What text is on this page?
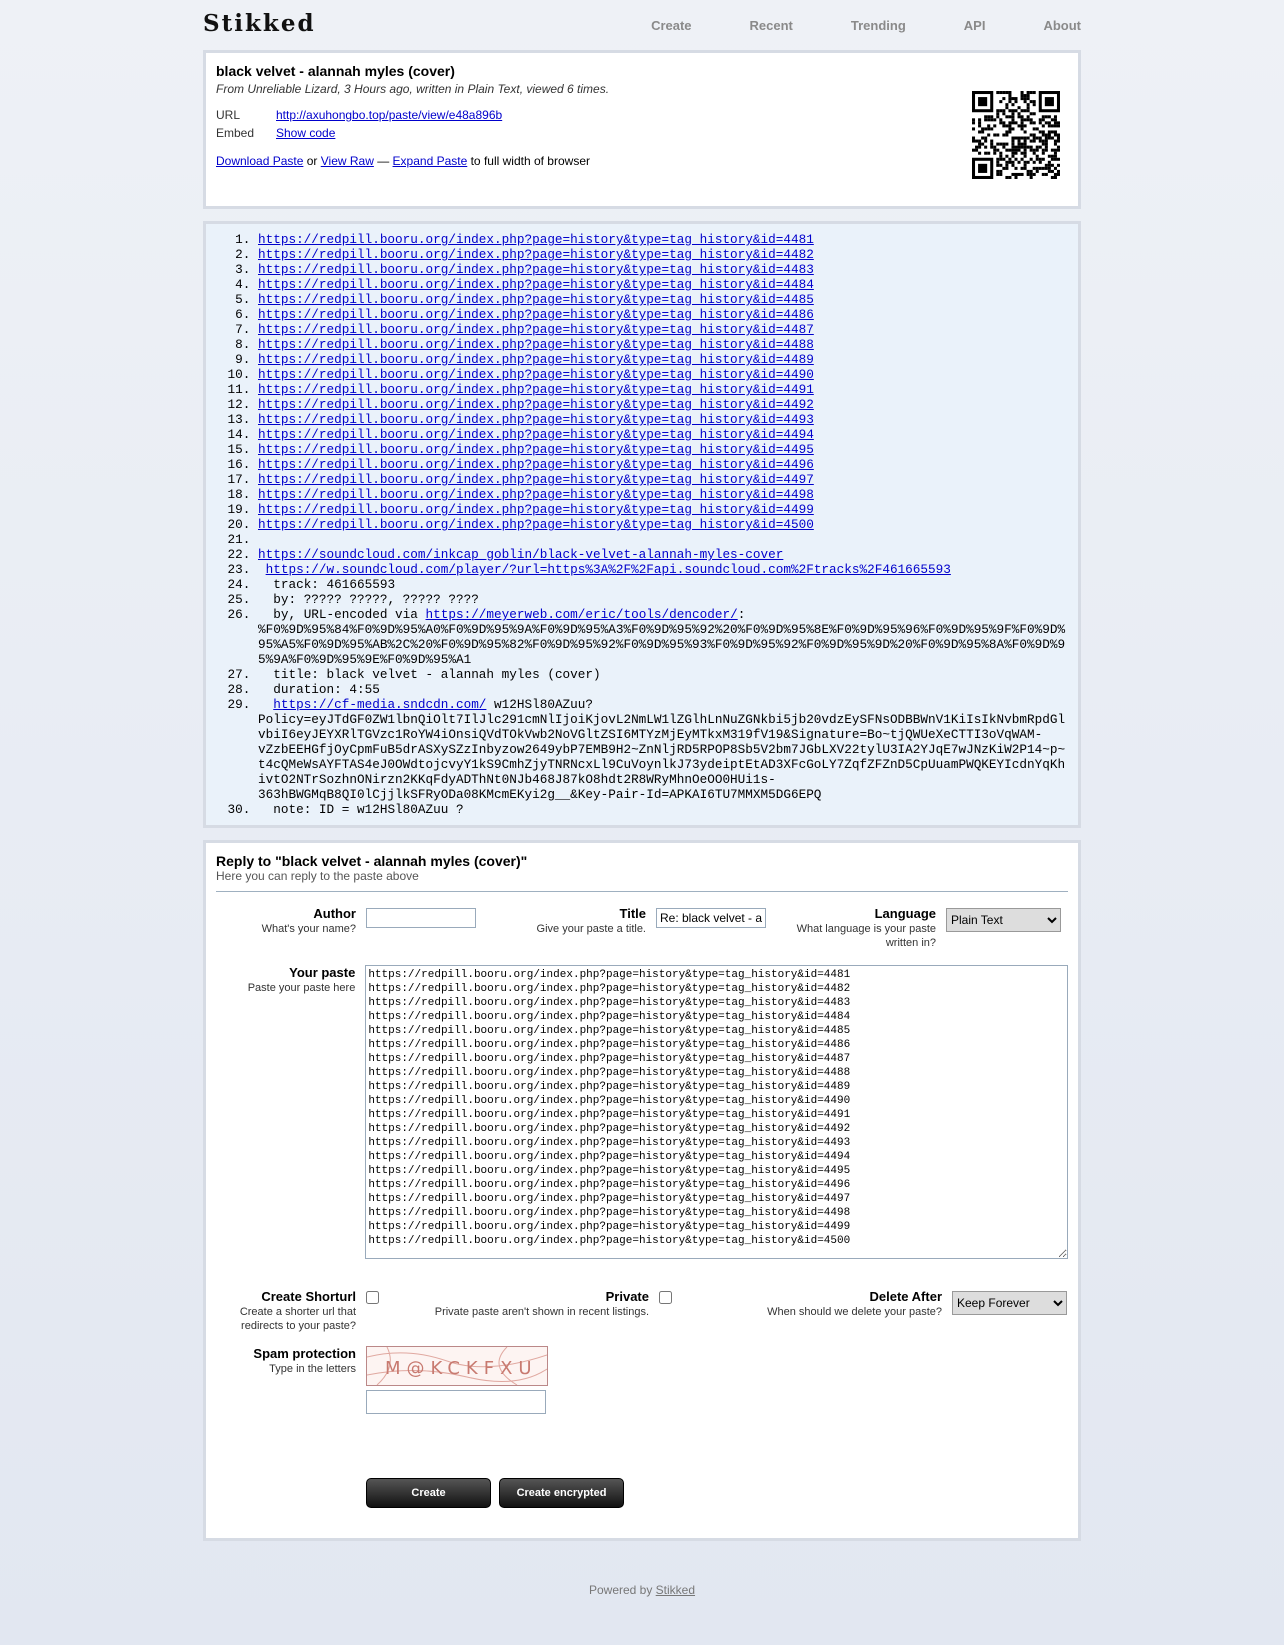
Stikked	Create	Recent	Trending	API	About
black velvet - alannah myles (cover)
From Unreliable Lizard, 3 Hours ago, written in Plain Text, viewed 6 times.
URL	http://axuhongbo.top/paste/view/e48a896b
Embed Show code
Download Paste or View Raw — Expand Paste to full width of browser
1. https://redpill.booru.org/index.php?page=history&type=tag_history&id=4481
2. https://redpill.booru.org/index.php?page=history&type=tag_history&id=4482
3. https://redpill.booru.org/index.php?page=history&type=tag_history&id=4483
4. https://redpill.booru.org/index.php?page=history&type=tag_history&id=4484
5. https://redpill.booru.org/index.php?page=history&type=tag_history&id=4485
6. https://redpill.booru.org/index.php?page=history&type=tag_history&id=4486
7. https://redpill.booru.org/index.php?page=history&type=tag_history&id=4487
8. https://redpill.booru.org/index.php?page=history&type=tag_history&id=4488
9. https://redpill.booru.org/index.php?page=history&type=tag_history&id=4489
10. https://redpill.booru.org/index.php?page=history&type=tag_history&id=4490
11. https://redpill.booru.org/index.php?page=history&type=tag_history&id=4491
12. https://redpill.booru.org/index.php?page=history&type=tag_history&id=4492
13. https://redpill.booru.org/index.php?page=history&type=tag_history&id=4493
14. https://redpill.booru.org/index.php?page=history&type=tag_history&id=4494
15. https://redpill.booru.org/index.php?page=history&type=tag_history&id=4495
16. https://redpill.booru.org/index.php?page=history&type=tag_history&id=4496
17. https://redpill.booru.org/index.php?page=history&type=tag_history&id=4497
18. https://redpill.booru.org/index.php?page=history&type=tag_history&id=4498
19. https://redpill.booru.org/index.php?page=history&type=tag_history&id=4499
20. https://redpill.booru.org/index.php?page=history&type=tag_history&id=4500
21.
22. https://soundcloud.com/inkcap_goblin/black-velvet-alannah-myles-cover
23. https://w.soundcloud.com/player/?url=https%3A%2F%2Fapi.soundcloud.com%2Ftracks%2F461665593
24.   track: 461665593
25.   by: ????? ?????, ????? ????
26.   by, URL-encoded via https://meyerweb.com/eric/tools/dencoder/: %F0%9D%95%84%F0%9D%95%A0%F0%9D%95%9A%F0%9D%95%A3%F0%9D%95%92%20%F0%9D%95%8E%F0%9D%95%96%F0%9D%95%9F%F0%9D%95%A5%F0%9D%95%AB%2C%20%F0%9D%95%82%F0%9D%95%92%F0%9D%95%93%F0%9D%95%92%F0%9D%95%9D%20%F0%9D%95%8A%F0%9D%95%9A%F0%9D%95%9E%F0%9D%95%A1
27.   title: black velvet - alannah myles (cover)
28.   duration: 4:55
29. https://cf-media.sndcdn.com/ w12HSl80AZuu? Policy=eyJTdGF0ZW1lbnQiOlt7IlJlc291cmNlIjoiKjovL2NmLW1lZGlhLnNuZGNkbi5jb20vdzEySFNsODBBWnV1KiIsIkNvbmRpdGlvbiI6eyJEYXRlTGVzc1RoYW4iOnsiQVdTOkVwb2NoVGltZSI6MTYzMjEyMTkxM319fV19&Signature=Bo~tjQWUeXeCTTI3oVqWAM-vZzbEEHGfjOyCpmFuB5drASXySZzInbyzow2649ybP7EMB9H2~ZnNljRD5RPOP8Sb5V2bm7JGbLXV22tylU3IA2YJqE7wJNzKiW2P14~p~t4cQMeWsAYFTAS4eJ0OWdtojcvyY1kS9CmhZjyTNRNcxLl9CuVoynlkJ73ydeiptEtAD3XFcGoLY7ZqfZFZnD5CpUuamPWQKEYIcdnYqKhivtO2NTrSozhnONirzn2KKqFdyADThNt0NJb468J87kO8hdt2R8WRyMhnOeOO0HUi1s-363hBWGMqB8QI0lCjjlkSFRyODa08KMcmEKyi2g__&Key-Pair-Id=APKAI6TU7MMXM5DG6EPQ
30.   note: ID = w12HSl80AZuu ?
Reply to "black velvet - alannah myles (cover)"
Here you can reply to the paste above
Author
What's your name?
Title
Give your paste a title.
Re: black velvet - alannah myles (cover)
Language
What language is your paste written in?
Plain Text
Your paste
Paste your paste here
https://redpill.booru.org/index.php?page=history&type=tag_history&id=4481 https://redpill.booru.org/index.php?page=history&type=tag_history&id=4482 https://redpill.booru.org/index.php?page=history&type=tag_history&id=4483 https://redpill.booru.org/index.php?page=history&type=tag_history&id=4484 https://redpill.booru.org/index.php?page=history&type=tag_history&id=4485 https://redpill.booru.org/index.php?page=history&type=tag_history&id=4486 https://redpill.booru.org/index.php?page=history&type=tag_history&id=4487 https://redpill.booru.org/index.php?page=history&type=tag_history&id=4488 https://redpill.booru.org/index.php?page=history&type=tag_history&id=4489 https://redpill.booru.org/index.php?page=history&type=tag_history&id=4490 https://redpill.booru.org/index.php?page=history&type=tag_history&id=4491 https://redpill.booru.org/index.php?page=history&type=tag_history&id=4492 https://redpill.booru.org/index.php?page=history&type=tag_history&id=4493 https://redpill.booru.org/index.php?page=history&type=tag_history&id=4494 https://redpill.booru.org/index.php?page=history&type=tag_history&id=4495 https://redpill.booru.org/index.php?page=history&type=tag_history&id=4496 https://redpill.booru.org/index.php?page=history&type=tag_history&id=4497 https://redpill.booru.org/index.php?page=history&type=tag_history&id=4498 https://redpill.booru.org/index.php?page=history&type=tag_history&id=4499 https://redpill.booru.org/index.php?page=history&type=tag_history&id=4500 https://soundcloud.com/inkcap_goblin/black-velvet-alannah-myles-cover https://w.soundcloud.com/player/?url=https%3A%2F%2Fapi.soundcloud.com%2Ftracks%2F461665593 track: 461665593 by: ????? ?????, ????? ???? by, URL-encoded via https://meyerweb.com/eric/tools/dencoder/: %F0%9D%95%84%F0%9D%95%A0%F0%9D%95%9A%F0%9D%95%A3%F0%9D%95%92%20%F0%9D%95%8E%F0%9D%95%96%F0%9D%95%9F%F0%9D%95%A5%F0%9D%95%AB%2C%20%F0%9D%95%82%F0%9D%95%92%F0%9D%95%93%F0%9D%95%92%F0%9D%95%9D%20%F0%9D%95%8A%F0%9D%95%9A%F0%9D%95%9E%F0%9D%95%A1 title: black velvet - alannah myles (cover) duration: 4:55 https://cf-media.sndcdn.com/ w12HSl80AZuu? Policy=eyJTdGF0ZW1lbnQiOlt7IlJlc291cmNlIjoiKjovL2NmLW1lZGlhLnNuZGNkbi5jb20vdzEySFNsODBBWnV1KiIsIkNvbmRpdGlvbiI6eyJEYXRlTGVzc1RoYW4iOnsiQVdTOkVwb2NoVGltZSI6MTYzMjEyMTkxM319fV19&Signature=Bo~tjQWUeXeCTTI3oVqWAM-vZzbEEHGfjOyCpmFuB5drASXySZzInbyzow2649ybP7EMB9H2~ZnNljRD5RPOP8Sb5V2bm7JGbLXV22tylU3IA2YJqE7wJNzKiW2P14~p~t4cQMeWsAYFTAS4eJ0OWdtojcvyY1kS9CmhZjyTNRNcxLl9CuVoynlkJ73ydeiptEtAD3XFcGoLY7ZqfZFZnD5CpUuamPWQKEYIcdnYqKhivtO2NTrSozhnONirzn2KKqFdyADThNt0NJb468J87kO8hdt2R8WRyMhnOeOO0HUi1s-363hBWGMqB8QI0lCjjlkSFRyODa08KMcmEKyi2g__&Key-Pair-Id=APKAI6TU7MMXM5DG6EPQ note: ID = w12HSl80AZuu ?
Create Shorturl
Create a shorter url that redirects to your paste?
Private
Private paste aren't shown in recent listings.
Delete After
When should we delete your paste?
Keep Forever
Spam protection
Type in the letters	M@KCKFXU
Create	Create encrypted
Powered by Stikked
